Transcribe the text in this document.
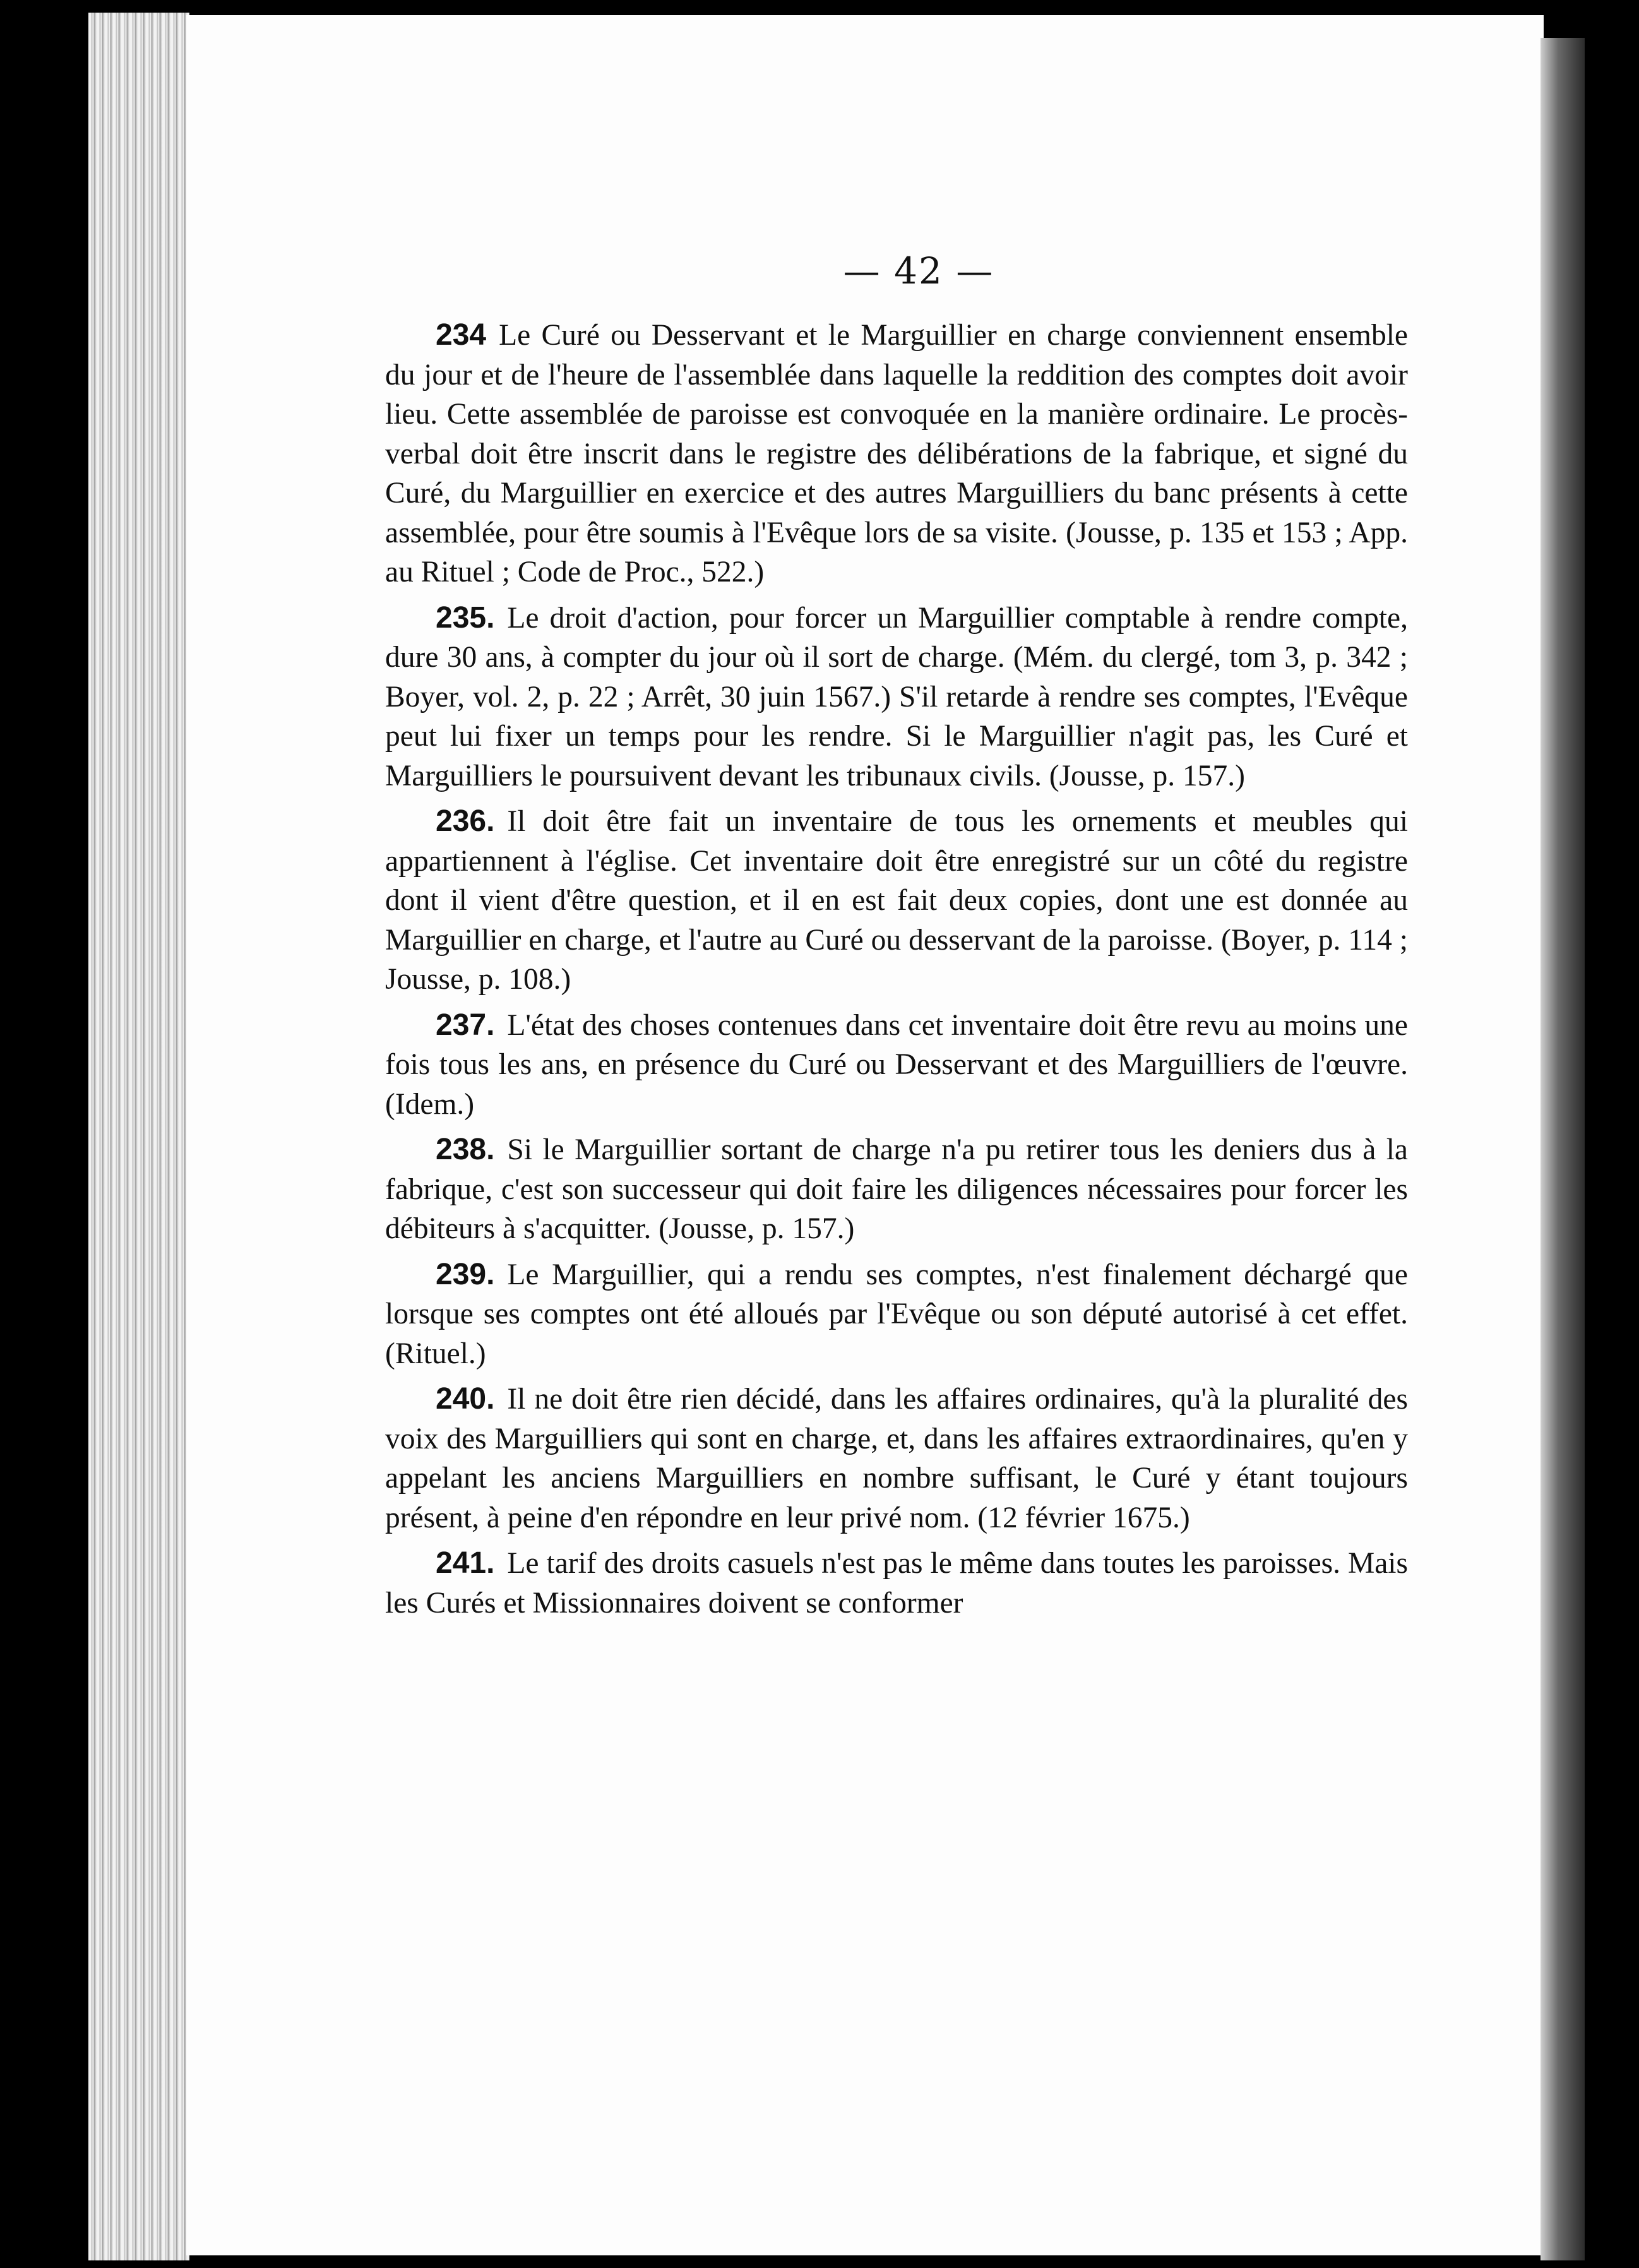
— 42 —

234 Le Curé ou Desservant et le Marguillier en charge conviennent ensemble du jour et de l'heure de l'assemblée dans laquelle la reddition des comptes doit avoir lieu. Cette assemblée de paroisse est convoquée en la manière ordinaire. Le procès-verbal doit être inscrit dans le registre des délibérations de la fabrique, et signé du Curé, du Marguillier en exercice et des autres Marguilliers du banc présents à cette assemblée, pour être soumis à l'Evêque lors de sa visite. (Jousse, p. 135 et 153 ; App. au Rituel ; Code de Proc., 522.)

235. Le droit d'action, pour forcer un Marguillier comptable à rendre compte, dure 30 ans, à compter du jour où il sort de charge. (Mém. du clergé, tom 3, p. 342 ; Boyer, vol. 2, p. 22 ; Arrêt, 30 juin 1567.) S'il retarde à rendre ses comptes, l'Evêque peut lui fixer un temps pour les rendre. Si le Marguillier n'agit pas, les Curé et Marguilliers le poursuivent devant les tribunaux civils. (Jousse, p. 157.)

236. Il doit être fait un inventaire de tous les ornements et meubles qui appartiennent à l'église. Cet inventaire doit être enregistré sur un côté du registre dont il vient d'être question, et il en est fait deux copies, dont une est donnée au Marguillier en charge, et l'autre au Curé ou desservant de la paroisse. (Boyer, p. 114 ; Jousse, p. 108.)

237. L'état des choses contenues dans cet inventaire doit être revu au moins une fois tous les ans, en présence du Curé ou Desservant et des Marguilliers de l'œuvre. (Idem.)

238. Si le Marguillier sortant de charge n'a pu retirer tous les deniers dus à la fabrique, c'est son successeur qui doit faire les diligences nécessaires pour forcer les débiteurs à s'acquitter. (Jousse, p. 157.)

239. Le Marguillier, qui a rendu ses comptes, n'est finalement déchargé que lorsque ses comptes ont été alloués par l'Evêque ou son député autorisé à cet effet. (Rituel.)

240. Il ne doit être rien décidé, dans les affaires ordinaires, qu'à la pluralité des voix des Marguilliers qui sont en charge, et, dans les affaires extraordinaires, qu'en y appelant les anciens Marguilliers en nombre suffisant, le Curé y étant toujours présent, à peine d'en répondre en leur privé nom. (12 février 1675.)

241. Le tarif des droits casuels n'est pas le même dans toutes les paroisses. Mais les Curés et Missionnaires doivent se conformer
